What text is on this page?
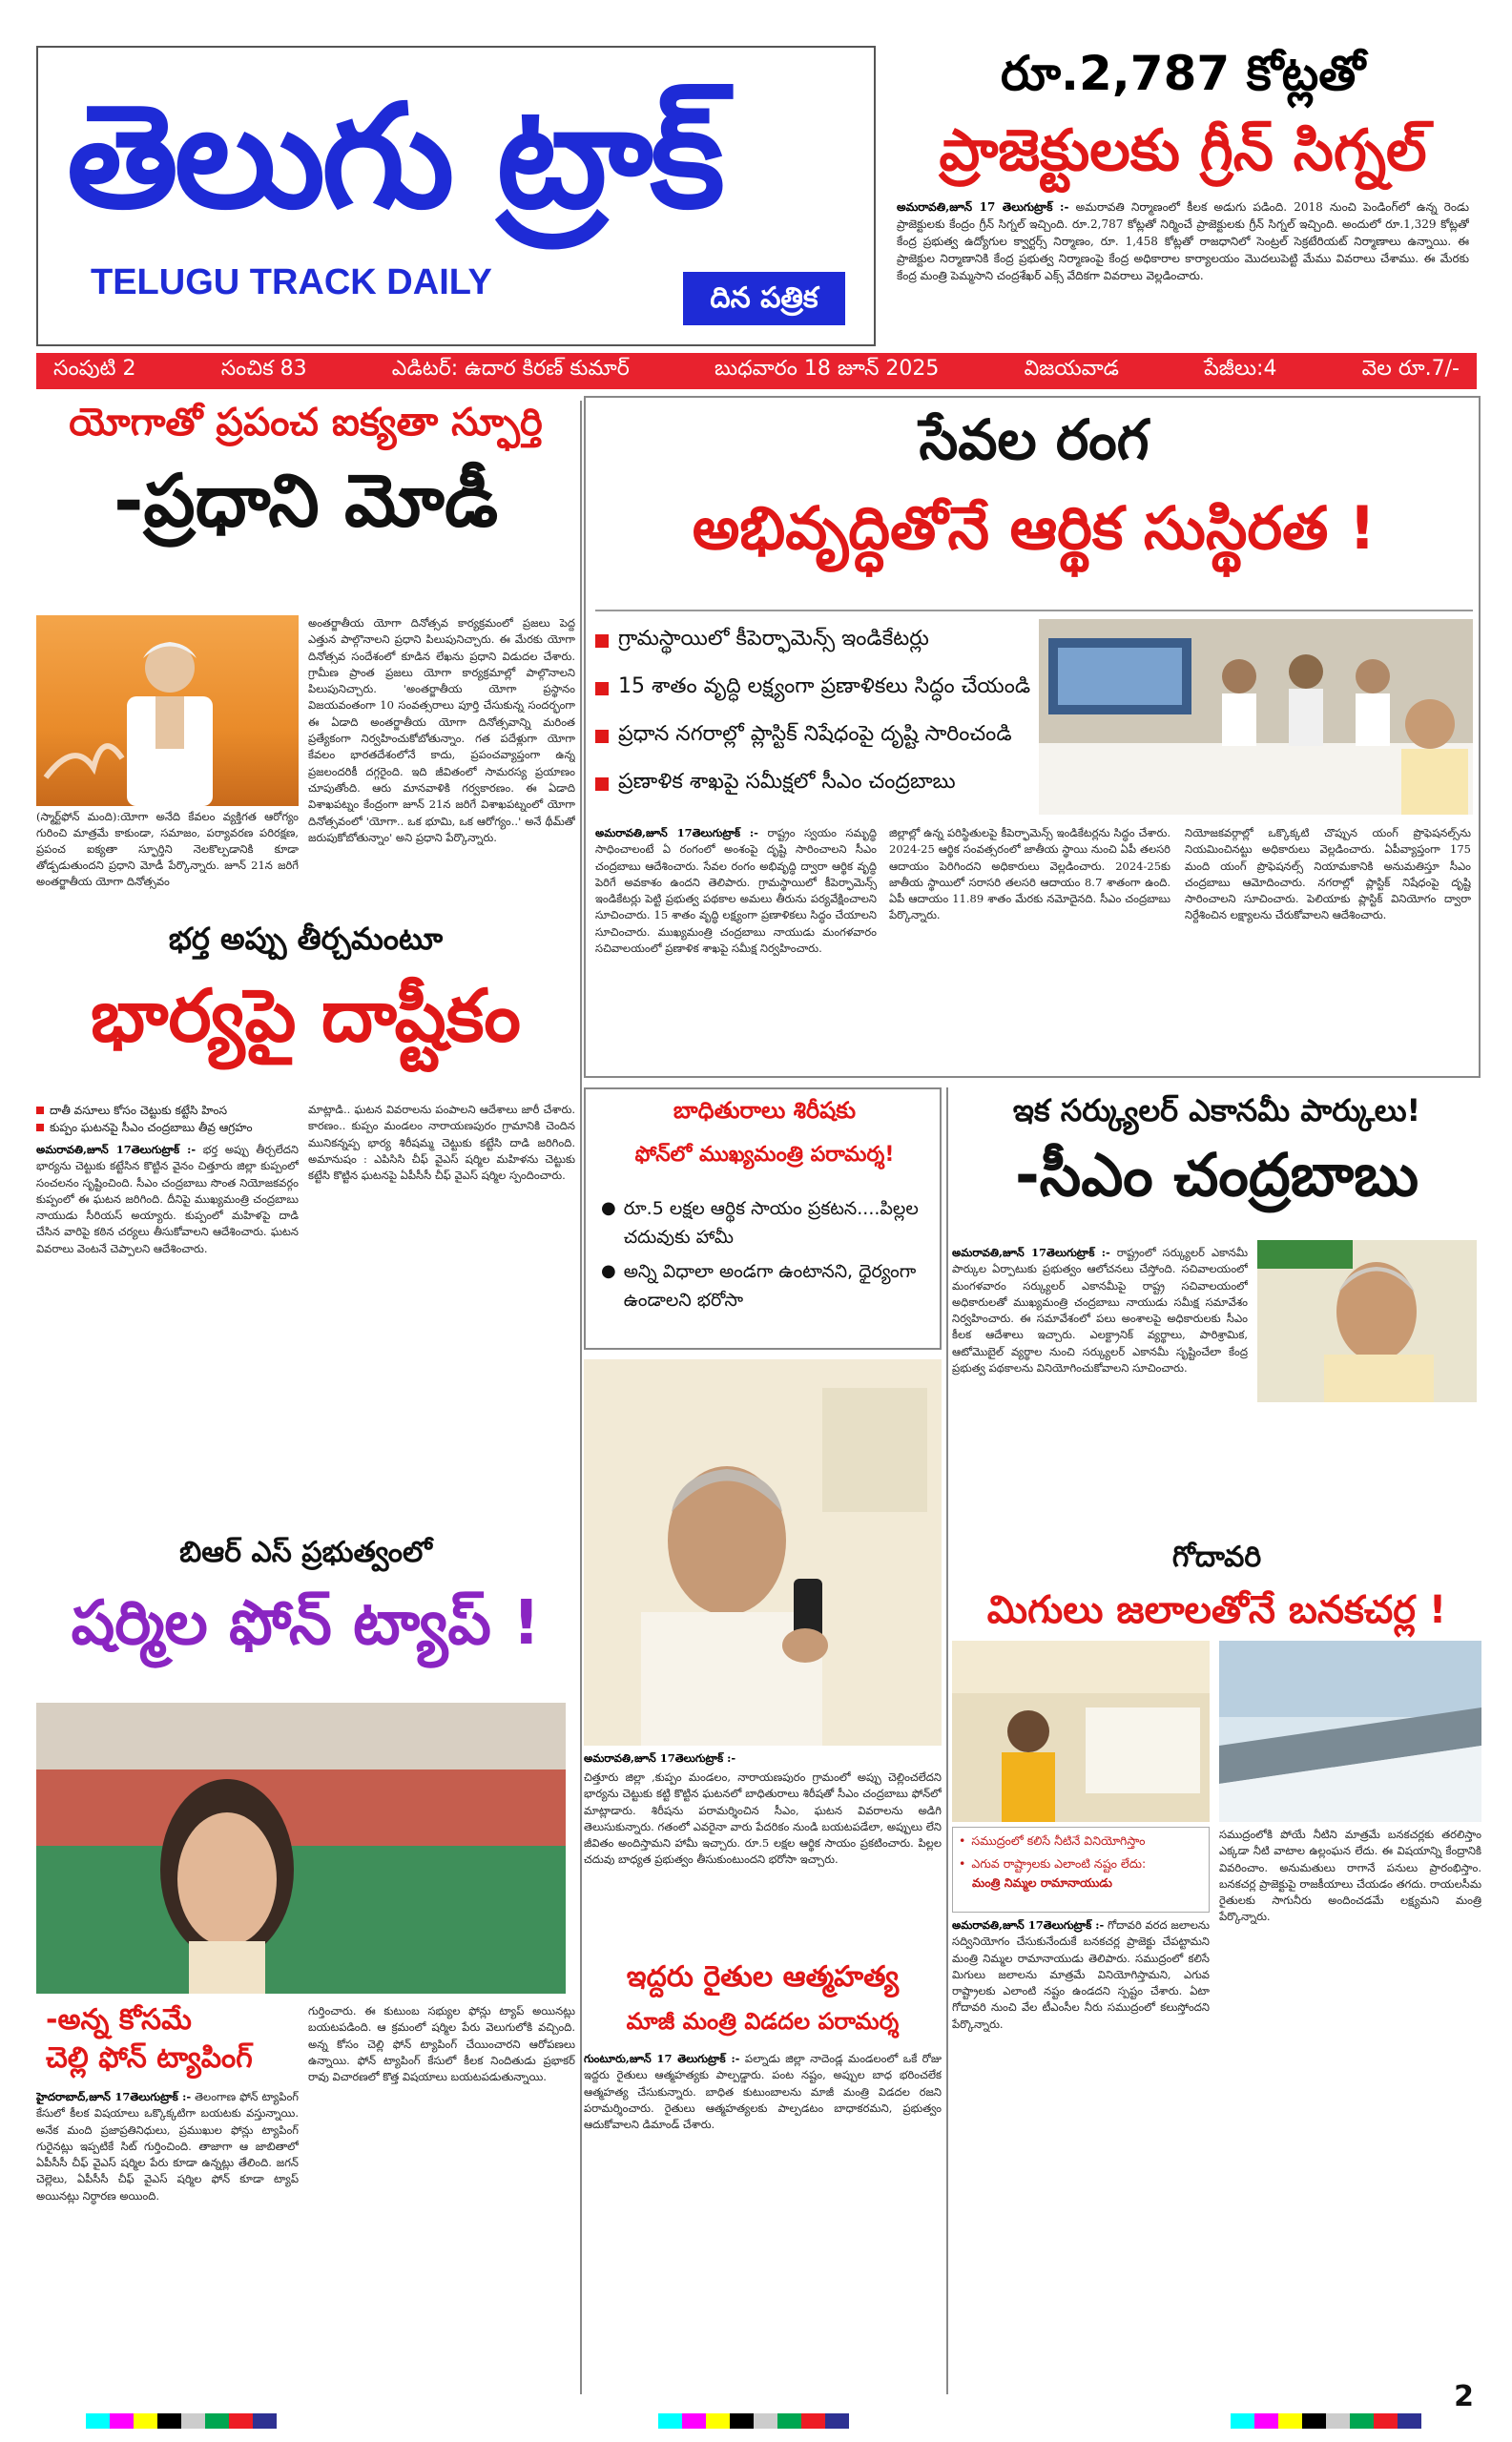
తెలుగు ట్రాక్
TELUGU TRACK DAILY	దిన పత్రిక
రూ.2,787 కోట్లతో
ప్రాజెక్టులకు గ్రీన్ సిగ్నల్
అమరావతి,జూన్ 17 తెలుగుట్రాక్ :- అమరావతి నిర్మాణంలో కీలక అడుగు పడింది. 2018 నుంచి పెండింగ్‌లో ఉన్న రెండు ప్రాజెక్టులకు కేంద్రం గ్రీన్ సిగ్నల్ ఇచ్చింది. రూ.2,787 కోట్లతో నిర్మించే ప్రాజెక్టులకు గ్రీన్ సిగ్నల్ ఇచ్చింది. అందులో రూ.1,329 కోట్లతో కేంద్ర ప్రభుత్వ ఉద్యోగుల క్వార్టర్స్ నిర్మాణం, రూ. 1,458 కోట్లతో రాజధానిలో సెంట్రల్ సెక్రటేరియట్ నిర్మాణాలు ఉన్నాయి. ఈ ప్రాజెక్టుల నిర్మాణానికి కేంద్ర ప్రభుత్వ నిర్మాణంపై కేంద్ర అధికారాల కార్యాలయం మొదలుపెట్టి మేము వివరాలు చేశాము. ఈ మేరకు కేంద్ర మంత్రి పెమ్మసాని చంద్రశేఖర్ ఎక్స్ వేదికగా వివరాలు వెల్లడించారు.
సంపుటి 2	సంచిక 83	ఎడిటర్: ఉదార కిరణ్ కుమార్	బుధవారం 18 జూన్ 2025	విజయవాడ	పేజీలు:4	వెల రూ.7/-
యోగాతో ప్రపంచ ఐక్యతా స్ఫూర్తి
-ప్రధాని మోడీ
(స్మార్ట్‌ఫోన్ మంది):యోగా అనేది కేవలం వ్యక్తిగత ఆరోగ్యం గురించి మాత్రమే కాకుండా, సమాజం, పర్యావరణ పరిరక్షణ, ప్రపంచ ఐక్యతా స్ఫూర్తిని నెలకొల్పడానికి కూడా తోడ్పడుతుందని ప్రధాని మోడీ పేర్కొన్నారు. జూన్ 21న జరిగే అంతర్జాతీయ యోగా దినోత్సవం
అంతర్జాతీయ యోగా దినోత్సవ కార్యక్రమంలో ప్రజలు పెద్ద ఎత్తున పాల్గొనాలని ప్రధాని పిలుపునిచ్చారు. ఈ మేరకు యోగా దినోత్సవ సందేశంలో కూడిన లేఖను ప్రధాని విడుదల చేశారు. గ్రామీణ ప్రాంత ప్రజలు యోగా కార్యక్రమాల్లో పాల్గొనాలని పిలుపునిచ్చారు. 'అంతర్జాతీయ యోగా ప్రస్థానం విజయవంతంగా 10 సంవత్సరాలు పూర్తి చేసుకున్న సందర్భంగా ఈ ఏడాది అంతర్జాతీయ యోగా దినోత్సవాన్ని మరింత ప్రత్యేకంగా నిర్వహించుకోబోతున్నాం. గత పదేళ్లుగా యోగా కేవలం భారతదేశంలోనే కాదు, ప్రపంచవ్యాప్తంగా ఉన్న ప్రజలందరికీ దగ్గరైంది. ఇది జీవితంలో సామరస్య ప్రయాణం చూపుతోంది. ఆరు మానవాళికి గర్వకారణం. ఈ ఏడాది విశాఖపట్నం కేంద్రంగా జూన్ 21న జరిగే విశాఖపట్నంలో యోగా దినోత్సవంలో 'యోగా.. ఒక భూమి, ఒక ఆరోగ్యం..' అనే థీమ్‌తో జరుపుకోబోతున్నాం' అని ప్రధాని పేర్కొన్నారు.
సేవల రంగ
అభివృద్ధితోనే ఆర్థిక సుస్థిరత !
గ్రామస్థాయిలో కీపెర్ఫామెన్స్ ఇండికేటర్లు
15 శాతం వృద్ధి లక్ష్యంగా ప్రణాళికలు సిద్ధం చేయండి
ప్రధాన నగరాల్లో ప్లాస్టిక్ నిషేధంపై దృష్టి సారించండి
ప్రణాళిక శాఖపై సమీక్షలో సీఎం చంద్రబాబు
అమరావతి,జూన్ 17తెలుగుట్రాక్ :- రాష్ట్రం స్వయం సమృద్ధి సాధించాలంటే ఏ రంగంలో అంశంపై దృష్టి సారించాలని సీఎం చంద్రబాబు ఆదేశించారు. సేవల రంగం అభివృద్ధి ద్వారా ఆర్థిక వృద్ధి పెరిగే అవకాశం ఉందని తెలిపారు. గ్రామస్థాయిలో కీపెర్ఫామెన్స్ ఇండికేటర్లు పెట్టి ప్రభుత్వ పథకాల అమలు తీరును పర్యవేక్షించాలని సూచించారు. 15 శాతం వృద్ధి లక్ష్యంగా ప్రణాళికలు సిద్ధం చేయాలని సూచించారు. ముఖ్యమంత్రి చంద్రబాబు నాయుడు మంగళవారం సచివాలయంలో ప్రణాళిక శాఖపై సమీక్ష నిర్వహించారు.
జిల్లాల్లో ఉన్న పరిస్థితులపై కీపెర్ఫామెన్స్ ఇండికేటర్లను సిద్ధం చేశారు. 2024-25 ఆర్థిక సంవత్సరంలో జాతీయ స్థాయి నుంచి ఏపీ తలసరి ఆదాయం పెరిగిందని అధికారులు వెల్లడించారు. 2024-25కు జాతీయ స్థాయిలో సరాసరి తలసరి ఆదాయం 8.7 శాతంగా ఉంది. ఏపీ ఆదాయం 11.89 శాతం మేరకు నమోదైనది. సీఎం చంద్రబాబు పేర్కొన్నారు.
నియోజకవర్గాల్లో ఒక్కొక్కటి చొప్పున యంగ్ ప్రొఫెషనల్స్‌ను నియమించినట్టు అధికారులు వెల్లడించారు. ఏపీవ్యాప్తంగా 175 మంది యంగ్ ప్రొఫెషనల్స్ నియామకానికి అనుమతిస్తూ సీఎం చంద్రబాబు ఆమోదించారు. నగరాల్లో ప్లాస్టిక్ నిషేధంపై దృష్టి సారించాలని సూచించారు. పెలియాకు ప్లాస్టిక్ వినియోగం ద్వారా నిర్దేశించిన లక్ష్యాలను చేరుకోవాలని ఆదేశించారు.
భర్త అప్పు తీర్చమంటూ
భార్యపై దాష్టీకం
దాతీ వసూలు కోసం చెట్టుకు కట్టేసి హింస
కుప్పం ఘటనపై సీఎం చంద్రబాబు తీవ్ర ఆగ్రహం
అమరావతి,జూన్ 17తెలుగుట్రాక్ :- భర్త అప్పు తీర్చలేదని భార్యను చెట్టుకు కట్టేసిన కొట్టిన వైనం చిత్తూరు జిల్లా కుప్పంలో సంచలనం సృష్టించింది. సీఎం చంద్రబాబు సొంత నియోజకవర్గం కుప్పంలో ఈ ఘటన జరిగింది. దీనిపై ముఖ్యమంత్రి చంద్రబాబు నాయుడు సీరియస్ అయ్యారు. కుప్పంలో మహిళపై దాడి చేసిన వారిపై కఠిన చర్యలు తీసుకోవాలని ఆదేశించారు. ఘటన వివరాలు వెంటనే చెప్పాలని ఆదేశించారు.
మాట్లాడి.. ఘటన వివరాలను పంపాలని ఆదేశాలు జారీ చేశారు. కారణం.. కుప్పం మండలం నారాయణపురం గ్రామానికి చెందిన మునికన్నప్ప భార్య శిరీషమ్మ చెట్టుకు కట్టేసి దాడి జరిగింది. అమానుషం : ఎపిసిసి చీఫ్ వైఎస్ షర్మిల మహిళను చెట్టుకు కట్టేసి కొట్టిన ఘటనపై ఏపీసీసీ చీఫ్ వైఎస్ షర్మిల స్పందించారు.
బిఆర్ ఎస్ ప్రభుత్వంలో
షర్మిల ఫోన్ ట్యాప్ !
-అన్న కోసమే
చెల్లి ఫోన్ ట్యాపింగ్
హైదరాబాద్,జూన్ 17తెలుగుట్రాక్ :- తెలంగాణ ఫోన్ ట్యాపింగ్ కేసులో కీలక విషయాలు ఒక్కొక్కటిగా బయటకు వస్తున్నాయి. అనేక మంది ప్రజాప్రతినిధులు, ప్రముఖుల ఫోన్లు ట్యాపింగ్ గురైనట్లు ఇప్పటికే సిట్ గుర్తించింది. తాజాగా ఆ జాబితాలో ఏపీసీసీ చీఫ్ వైఎస్ షర్మిల పేరు కూడా ఉన్నట్లు తేలింది. జగన్ చెల్లెలు, ఏపీసీసీ చీఫ్ వైఎస్ షర్మిల ఫోన్ కూడా ట్యాప్ అయినట్లు నిర్ధారణ అయింది.
గుర్తించారు. ఈ కుటుంబ సభ్యుల ఫోన్లు ట్యాప్ అయినట్లు బయటపడింది. ఆ క్రమంలో షర్మిల పేరు వెలుగులోకి వచ్చింది. అన్న కోసం చెల్లి ఫోన్ ట్యాపింగ్ చేయించారని ఆరోపణలు ఉన్నాయి. ఫోన్ ట్యాపింగ్ కేసులో కీలక నిందితుడు ప్రభాకర్ రావు విచారణలో కొత్త విషయాలు బయటపడుతున్నాయి.
బాధితురాలు శిరీషకు
ఫోన్‌లో ముఖ్యమంత్రి పరామర్శ!
● రూ.5 లక్షల ఆర్థిక సాయం ప్రకటన....పిల్లల చదువుకు హామీ
● అన్ని విధాలా అండగా ఉంటానని, ధైర్యంగా ఉండాలని భరోసా
అమరావతి,జూన్ 17తెలుగుట్రాక్ :-
చిత్తూరు జిల్లా ,కుప్పం మండలం, నారాయణపురం గ్రామంలో అప్పు చెల్లించలేదని భార్యను చెట్టుకు కట్టి కొట్టిన ఘటనలో బాధితురాలు శిరీషతో సీఎం చంద్రబాబు ఫోన్‌లో మాట్లాడారు. శిరీషను పరామర్శించిన సీఎం, ఘటన వివరాలను అడిగి తెలుసుకున్నారు. గతంలో ఎవరైనా వారు పేదరికం నుండి బయటపడేలా, అప్పులు లేని జీవితం అందిస్తామని హామీ ఇచ్చారు. రూ.5 లక్షల ఆర్థిక సాయం ప్రకటించారు. పిల్లల చదువు బాధ్యత ప్రభుత్వం తీసుకుంటుందని భరోసా ఇచ్చారు.
ఇద్దరు రైతుల ఆత్మహత్య
మాజీ మంత్రి విడదల పరామర్శ
గుంటూరు,జూన్ 17 తెలుగుట్రాక్ :- పల్నాడు జిల్లా నాదెండ్ల మండలంలో ఒకే రోజు ఇద్దరు రైతులు ఆత్మహత్యకు పాల్పడ్డారు. పంట నష్టం, అప్పుల బాధ భరించలేక ఆత్మహత్య చేసుకున్నారు. బాధిత కుటుంబాలను మాజీ మంత్రి విడదల రజని పరామర్శించారు. రైతులు ఆత్మహత్యలకు పాల్పడటం బాధాకరమని, ప్రభుత్వం ఆదుకోవాలని డిమాండ్ చేశారు.
ఇక సర్క్యులర్ ఎకానమీ పార్కులు!
-సీఎం చంద్రబాబు
అమరావతి,జూన్ 17తెలుగుట్రాక్ :- రాష్ట్రంలో సర్క్యులర్ ఎకానమీ పార్కుల ఏర్పాటుకు ప్రభుత్వం ఆలోచనలు చేస్తోంది. సచివాలయంలో మంగళవారం సర్క్యులర్ ఎకానమీపై రాష్ట్ర సచివాలయంలో అధికారులతో ముఖ్యమంత్రి చంద్రబాబు నాయుడు సమీక్ష సమావేశం నిర్వహించారు. ఈ సమావేశంలో పలు అంశాలపై అధికారులకు సీఎం కీలక ఆదేశాలు ఇచ్చారు. ఎలక్ట్రానిక్ వ్యర్థాలు, పారిశ్రామిక, ఆటోమొబైల్ వ్యర్థాల నుంచి సర్క్యులర్ ఎకానమీ సృష్టించేలా కేంద్ర ప్రభుత్వ పథకాలను వినియోగించుకోవాలని సూచించారు.
గోదావరి
మిగులు జలాలతోనే బనకచర్ల !
• సముద్రంలో కలిసే నీటినే వినియోగిస్తాం
• ఎగువ రాష్ట్రాలకు ఎలాంటి నష్టం లేదు:
మంత్రి నిమ్మల రామానాయుడు
అమరావతి,జూన్ 17తెలుగుట్రాక్ :- గోదావరి వరద జలాలను సద్వినియోగం చేసుకునేందుకే బనకచర్ల ప్రాజెక్టు చేపట్టామని మంత్రి నిమ్మల రామానాయుడు తెలిపారు. సముద్రంలో కలిసే మిగులు జలాలను మాత్రమే వినియోగిస్తామని, ఎగువ రాష్ట్రాలకు ఎలాంటి నష్టం ఉండదని స్పష్టం చేశారు. ఏటా గోదావరి నుంచి వేల టీఎంసీల నీరు సముద్రంలో కలుస్తోందని పేర్కొన్నారు.
సముద్రంలోకి పోయే నీటిని మాత్రమే బనకచర్లకు తరలిస్తాం ఎక్కడా నీటి వాటాల ఉల్లంఘన లేదు. ఈ విషయాన్ని కేంద్రానికి వివరించాం. అనుమతులు రాగానే పనులు ప్రారంభిస్తాం. బనకచర్ల ప్రాజెక్టుపై రాజకీయాలు చేయడం తగదు. రాయలసీమ రైతులకు సాగునీరు అందించడమే లక్ష్యమని మంత్రి పేర్కొన్నారు.
2
